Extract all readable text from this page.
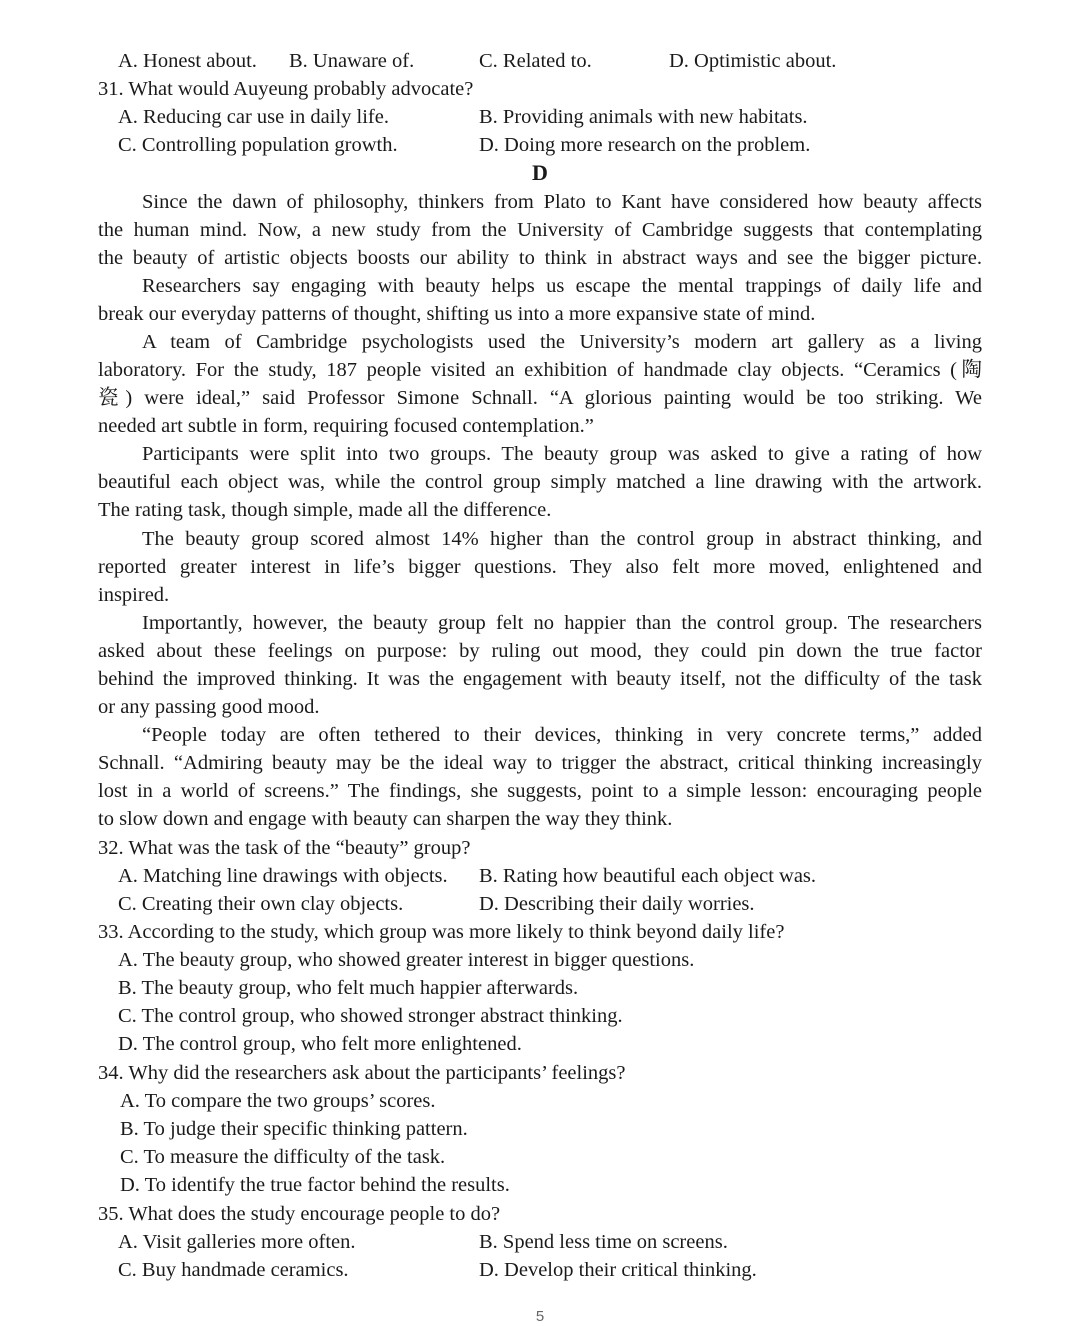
A. Honest about. B. Unaware of.	C. Related to.	D. Optimistic about.
31. What would Auyeung probably advocate?
A. Reducing car use in daily life.	B. Providing animals with new habitats.
C. Controlling population growth.	D. Doing more research on the problem.
D
Since the dawn of philosophy, thinkers from Plato to Kant have considered how beauty affects
the human mind. Now, a new study from the University of Cambridge suggests that contemplating
the beauty of artistic objects boosts our ability to think in abstract ways and see the bigger picture.
Researchers say engaging with beauty helps us escape the mental trappings of daily life and
break our everyday patterns of thought, shifting us into a more expansive state of mind.
A team of Cambridge psychologists used the University’s modern art gallery as a living
laboratory. For the study, 187 people visited an exhibition of handmade clay objects. “Ceramics (陶
瓷) were ideal,” said Professor Simone Schnall. “A glorious painting would be too striking. We
needed art subtle in form, requiring focused contemplation.”
Participants were split into two groups. The beauty group was asked to give a rating of how
beautiful each object was, while the control group simply matched a line drawing with the artwork.
The rating task, though simple, made all the difference.
The beauty group scored almost 14% higher than the control group in abstract thinking, and
reported greater interest in life’s bigger questions. They also felt more moved, enlightened and
inspired.
Importantly, however, the beauty group felt no happier than the control group. The researchers
asked about these feelings on purpose: by ruling out mood, they could pin down the true factor
behind the improved thinking. It was the engagement with beauty itself, not the difficulty of the task
or any passing good mood.
“People today are often tethered to their devices, thinking in very concrete terms,” added
Schnall. “Admiring beauty may be the ideal way to trigger the abstract, critical thinking increasingly
lost in a world of screens.” The findings, she suggests, point to a simple lesson: encouraging people
to slow down and engage with beauty can sharpen the way they think.
32. What was the task of the “beauty” group?
A. Matching line drawings with objects. B. Rating how beautiful each object was.
C. Creating their own clay objects.	D. Describing their daily worries.
33. According to the study, which group was more likely to think beyond daily life?
A. The beauty group, who showed greater interest in bigger questions.
B. The beauty group, who felt much happier afterwards.
C. The control group, who showed stronger abstract thinking.
D. The control group, who felt more enlightened.
34. Why did the researchers ask about the participants’ feelings?
A. To compare the two groups’ scores.
B. To judge their specific thinking pattern.
C. To measure the difficulty of the task.
D. To identify the true factor behind the results.
35. What does the study encourage people to do?
A. Visit galleries more often.	B. Spend less time on screens.
C. Buy handmade ceramics.	D. Develop their critical thinking.
5
